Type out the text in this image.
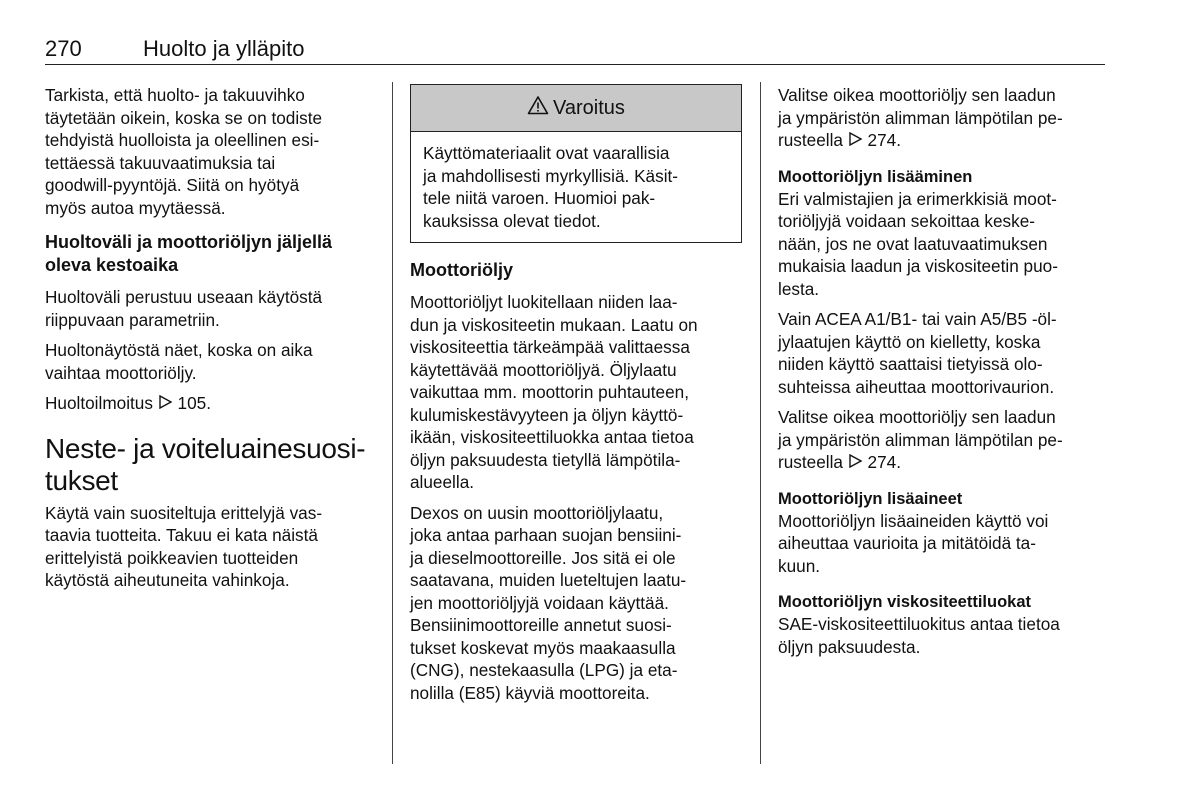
270	Huolto ja ylläpito

Tarkista, että huolto- ja takuuvihko
täytetään oikein, koska se on todiste
tehdyistä huolloista ja oleellinen esi-
tettäessä takuuvaatimuksia tai
goodwill-pyyntöjä. Siitä on hyötyä
myös autoa myytäessä.

Huoltoväli ja moottoriöljyn jäljellä
oleva kestoaika

Huoltoväli perustuu useaan käytöstä
riippuvaan parametriin.

Huoltonäytöstä näet, koska on aika
vaihtaa moottoriöljy.

Huoltoilmoitus 105.

Neste- ja voiteluainesuosi-
tukset

Käytä vain suositeltuja erittelyjä vas-
taavia tuotteita. Takuu ei kata näistä
erittelyistä poikkeavien tuotteiden
käytöstä aiheutuneita vahinkoja.

Varoitus
Käyttömateriaalit ovat vaarallisia
ja mahdollisesti myrkyllisiä. Käsit-
tele niitä varoen. Huomioi pak-
kauksissa olevat tiedot.
Moottoriöljy

Moottoriöljyt luokitellaan niiden laa-
dun ja viskositeetin mukaan. Laatu on
viskositeettia tärkeämpää valittaessa
käytettävää moottoriöljyä. Öljylaatu
vaikuttaa mm. moottorin puhtauteen,
kulumiskestävyyteen ja öljyn käyttö-
ikään, viskositeettiluokka antaa tietoa
öljyn paksuudesta tietyllä lämpötila-
alueella.

Dexos on uusin moottoriöljylaatu,
joka antaa parhaan suojan bensiini-
ja dieselmoottoreille. Jos sitä ei ole
saatavana, muiden lueteltujen laatu-
jen moottoriöljyjä voidaan käyttää.
Bensiinimoottoreille annetut suosi-
tukset koskevat myös maakaasulla
(CNG), nestekaasulla (LPG) ja eta-
nolilla (E85) käyviä moottoreita.

Valitse oikea moottoriöljy sen laadun
ja ympäristön alimman lämpötilan pe-
rusteella 274.

Moottoriöljyn lisääminen

Eri valmistajien ja erimerkkisiä moot-
toriöljyjä voidaan sekoittaa keske-
nään, jos ne ovat laatuvaatimuksen
mukaisia laadun ja viskositeetin puo-
lesta.

Vain ACEA A1/B1- tai vain A5/B5 -öl-
jylaatujen käyttö on kielletty, koska
niiden käyttö saattaisi tietyissä olo-
suhteissa aiheuttaa moottorivaurion.

Valitse oikea moottoriöljy sen laadun
ja ympäristön alimman lämpötilan pe-
rusteella 274.

Moottoriöljyn lisäaineet

Moottoriöljyn lisäaineiden käyttö voi
aiheuttaa vaurioita ja mitätöidä ta-
kuun.

Moottoriöljyn viskositeettiluokat

SAE-viskositeettiluokitus antaa tietoa
öljyn paksuudesta.
